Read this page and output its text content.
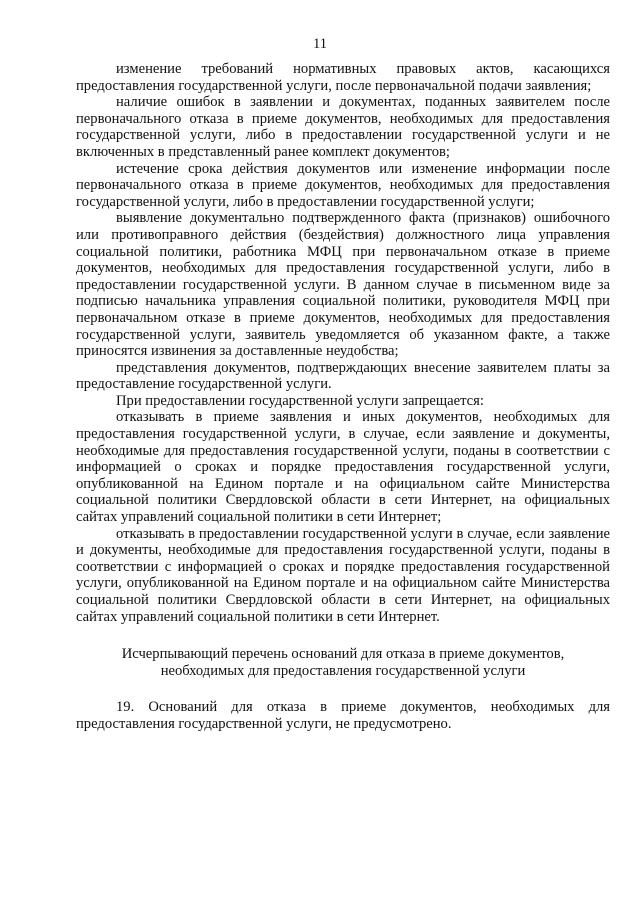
11

изменение требований нормативных правовых актов, касающихся предоставления государственной услуги, после первоначальной подачи заявления;

наличие ошибок в заявлении и документах, поданных заявителем после первоначального отказа в приеме документов, необходимых для предоставления государственной услуги, либо в предоставлении государственной услуги и не включенных в представленный ранее комплект документов;

истечение срока действия документов или изменение информации после первоначального отказа в приеме документов, необходимых для предоставления государственной услуги, либо в предоставлении государственной услуги;

выявление документально подтвержденного факта (признаков) ошибочного или противоправного действия (бездействия) должностного лица управления социальной политики, работника МФЦ при первоначальном отказе в приеме документов, необходимых для предоставления государственной услуги, либо в предоставлении государственной услуги. В данном случае в письменном виде за подписью начальника управления социальной политики, руководителя МФЦ при первоначальном отказе в приеме документов, необходимых для предоставления государственной услуги, заявитель уведомляется об указанном факте, а также приносятся извинения за доставленные неудобства;

представления документов, подтверждающих внесение заявителем платы за предоставление государственной услуги.

При предоставлении государственной услуги запрещается:

отказывать в приеме заявления и иных документов, необходимых для предоставления государственной услуги, в случае, если заявление и документы, необходимые для предоставления государственной услуги, поданы в соответствии с информацией о сроках и порядке предоставления государственной услуги, опубликованной на Едином портале и на официальном сайте Министерства социальной политики Свердловской области в сети Интернет, на официальных сайтах управлений социальной политики в сети Интернет;

отказывать в предоставлении государственной услуги в случае, если заявление и документы, необходимые для предоставления государственной услуги, поданы в соответствии с информацией о сроках и порядке предоставления государственной услуги, опубликованной на Едином портале и на официальном сайте Министерства социальной политики Свердловской области в сети Интернет, на официальных сайтах управлений социальной политики в сети Интернет.

Исчерпывающий перечень оснований для отказа в приеме документов,
необходимых для предоставления государственной услуги

19. Оснований для отказа в приеме документов, необходимых для предоставления государственной услуги, не предусмотрено.
